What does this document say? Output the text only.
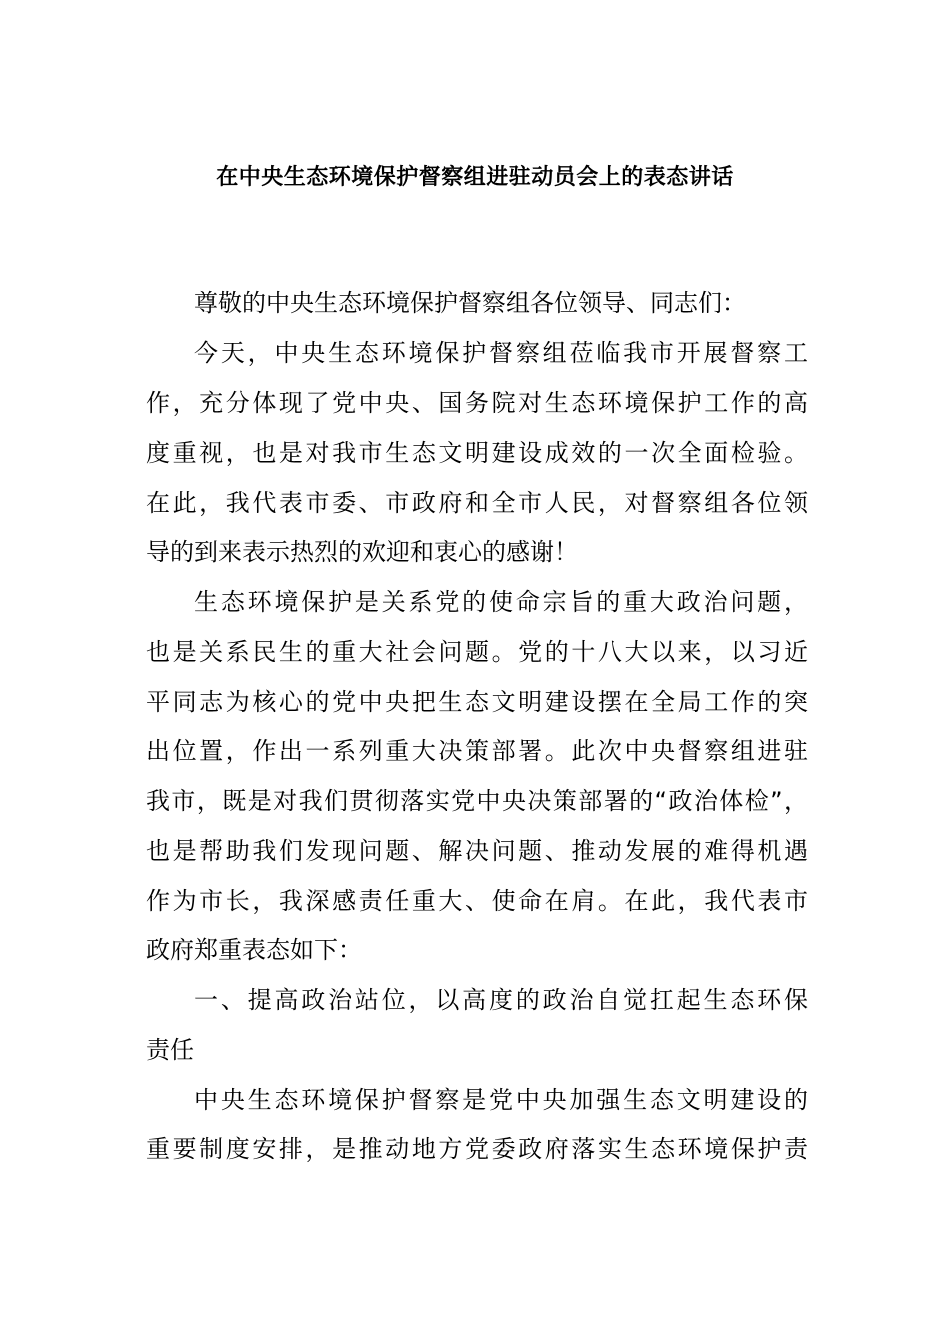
在中央生态环境保护督察组进驻动员会上的表态讲话
尊敬的中央生态环境保护督察组各位领导、同志们：
今天，中央生态环境保护督察组莅临我市开展督察工
作，充分体现了党中央、国务院对生态环境保护工作的高
度重视，也是对我市生态文明建设成效的一次全面检验。
在此，我代表市委、市政府和全市人民，对督察组各位领
导的到来表示热烈的欢迎和衷心的感谢！
生态环境保护是关系党的使命宗旨的重大政治问题，
也是关系民生的重大社会问题。党的十八大以来，以习近
平同志为核心的党中央把生态文明建设摆在全局工作的突
出位置，作出一系列重大决策部署。此次中央督察组进驻
我市，既是对我们贯彻落实党中央决策部署的“政治体检”，
也是帮助我们发现问题、解决问题、推动发展的难得机遇
作为市长，我深感责任重大、使命在肩。在此，我代表市
政府郑重表态如下：
一、提高政治站位，以高度的政治自觉扛起生态环保
责任
中央生态环境保护督察是党中央加强生态文明建设的
重要制度安排，是推动地方党委政府落实生态环境保护责
